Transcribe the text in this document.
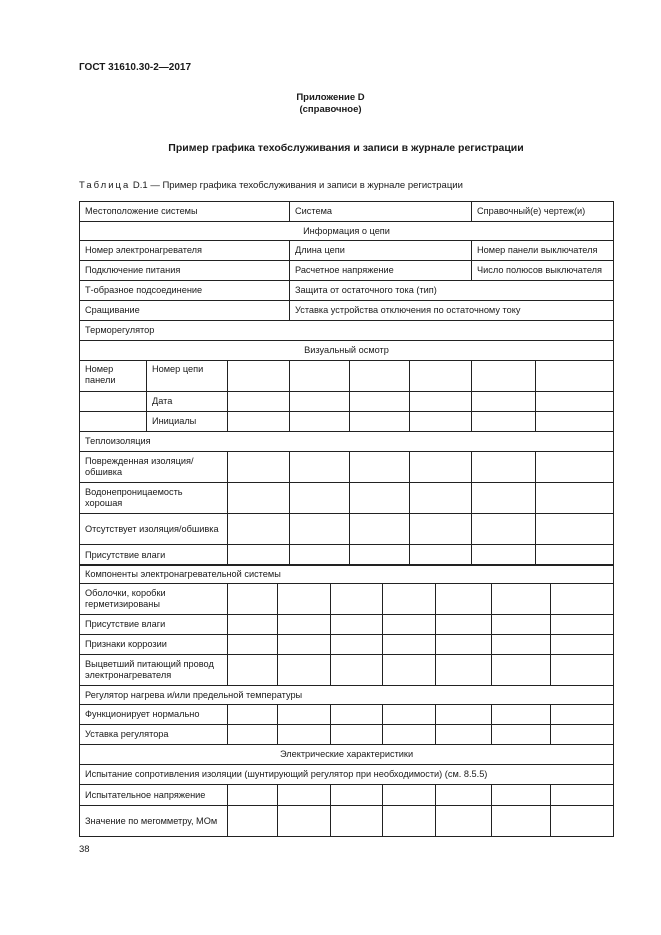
ГОСТ 31610.30-2—2017
Приложение D
(справочное)
Пример графика техобслуживания и записи в журнале регистрации
Таблица D.1 — Пример графика техобслуживания и записи в журнале регистрации
Местоположение системы			Система			Справочный(е) чертеж(и)	
Информация о цепи							
Номер электронагревателя			Длина цепи			Номер панели выключателя	
Подключение питания			Расчетное напряжение			Число полюсов выключателя	
Т-образное подсоединение			Защита от остаточного тока (тип)				
Сращивание			Уставка устройства отключения по остаточному току				
Терморегулятор							
Визуальный осмотр							
Номер панели	Номер цепи						
	Дата						
	Инициалы						
Теплоизоляция							
Поврежденная изоляция/обшивка							
Водонепроницаемость хорошая							
Отсутствует изоляция/обшивка							
Присутствие влаги							
Компоненты электронагревательной системы							
Оболочки, коробки герметизированы							
Присутствие влаги							
Признаки коррозии							
Выцветший питающий провод электронагревателя							
Регулятор нагрева и/или предельной температуры							
Функционирует нормально							
Уставка регулятора							
Электрические характеристики							
Испытание сопротивления изоляции (шунтирующий регулятор при необходимости) (см. 8.5.5)							
Испытательное напряжение							
Значение по мегомметру, МОм							
38
